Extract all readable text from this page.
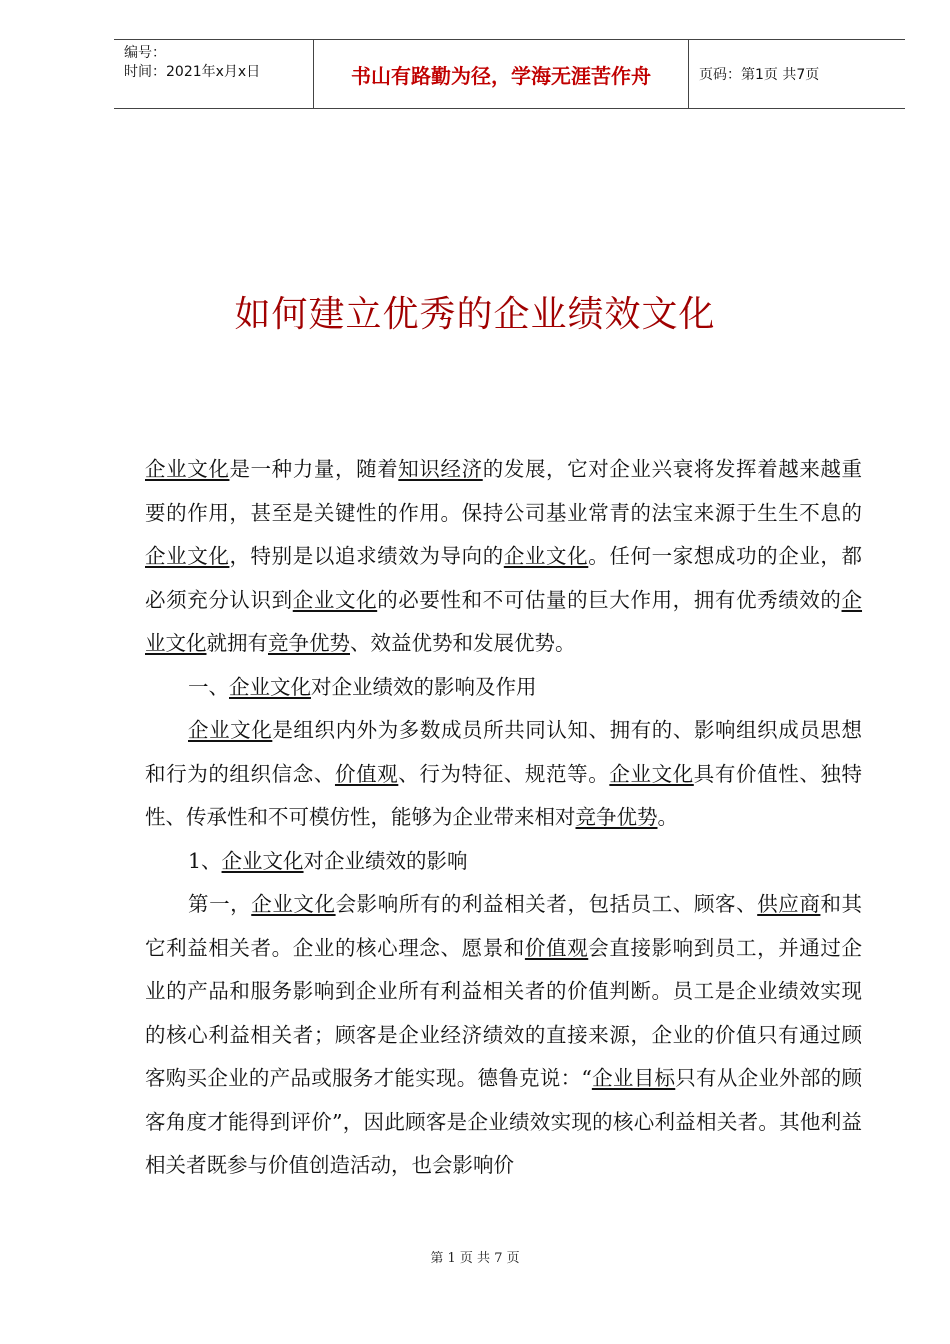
编号：
时间：2021年x月x日	书山有路勤为径，学海无涯苦作舟	页码：第1页 共7页
如何建立优秀的企业绩效文化

企业文化是一种力量，随着知识经济的发展，它对企业兴衰将发挥着越来越重要的作用，甚至是关键性的作用。保持公司基业常青的法宝来源于生生不息的企业文化，特别是以追求绩效为导向的企业文化。任何一家想成功的企业，都必须充分认识到企业文化的必要性和不可估量的巨大作用，拥有优秀绩效的企业文化就拥有竞争优势、效益优势和发展优势。

一、企业文化对企业绩效的影响及作用

企业文化是组织内外为多数成员所共同认知、拥有的、影响组织成员思想和行为的组织信念、价值观、行为特征、规范等。企业文化具有价值性、独特性、传承性和不可模仿性，能够为企业带来相对竞争优势。

1、企业文化对企业绩效的影响

第一，企业文化会影响所有的利益相关者，包括员工、顾客、供应商和其它利益相关者。企业的核心理念、愿景和价值观会直接影响到员工，并通过企业的产品和服务影响到企业所有利益相关者的价值判断。员工是企业绩效实现的核心利益相关者；顾客是企业经济绩效的直接来源，企业的价值只有通过顾客购买企业的产品或服务才能实现。德鲁克说：“企业目标只有从企业外部的顾客角度才能得到评价”，因此顾客是企业绩效实现的核心利益相关者。其他利益相关者既参与价值创造活动，也会影响价

第 1 页 共 7 页
